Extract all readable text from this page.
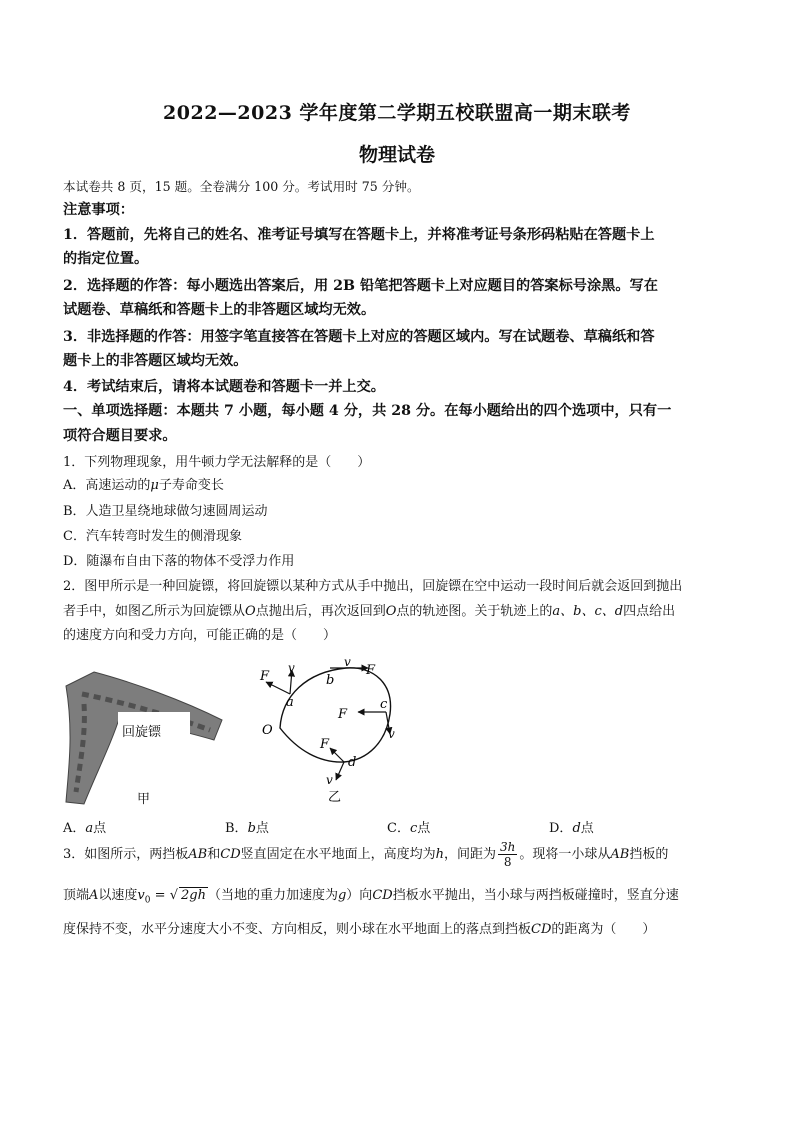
2022—2023 学年度第二学期五校联盟高一期末联考
物理试卷
本试卷共 8 页，15 题。全卷满分 100 分。考试用时 75 分钟。
注意事项：
1．答题前，先将自己的姓名、准考证号填写在答题卡上，并将准考证号条形码粘贴在答题卡上
的指定位置。
2．选择题的作答：每小题选出答案后，用 2B 铅笔把答题卡上对应题目的答案标号涂黑。写在
试题卷、草稿纸和答题卡上的非答题区域均无效。
3．非选择题的作答：用签字笔直接答在答题卡上对应的答题区域内。写在试题卷、草稿纸和答
题卡上的非答题区域均无效。
4．考试结束后，请将本试题卷和答题卡一并上交。
一、单项选择题：本题共 7 小题，每小题 4 分，共 28 分。在每小题给出的四个选项中，只有一
项符合题目要求。
1．下列物理现象，用牛顿力学无法解释的是（　　）
A．高速运动的μ子寿命变长
B．人造卫星绕地球做匀速圆周运动
C．汽车转弯时发生的侧滑现象
D．随瀑布自由下落的物体不受浮力作用
2．图甲所示是一种回旋镖，将回旋镖以某种方式从手中抛出，回旋镖在空中运动一段时间后就会返回到抛出
者手中，如图乙所示为回旋镖从O点抛出后，再次返回到O点的轨迹图。关于轨迹上的a、b、c、d四点给出
的速度方向和受力方向，可能正确的是（　　）
回旋镖
甲
F
v
a
v
F
b
c
F
v
O
F
d
v
乙
A．a点	B．b点	C．c点	D．d点
3．如图所示，两挡板AB和CD竖直固定在水平地面上，高度均为h，间距为 $\frac{3h}{8}$ 。现将一小球从AB挡板的
顶端A以速度$v_0$ = √ 2gh （当地的重力加速度为g）向CD挡板水平抛出，当小球与两挡板碰撞时，竖直分速
度保持不变，水平分速度大小不变、方向相反，则小球在水平地面上的落点到挡板CD的距离为（　　）
